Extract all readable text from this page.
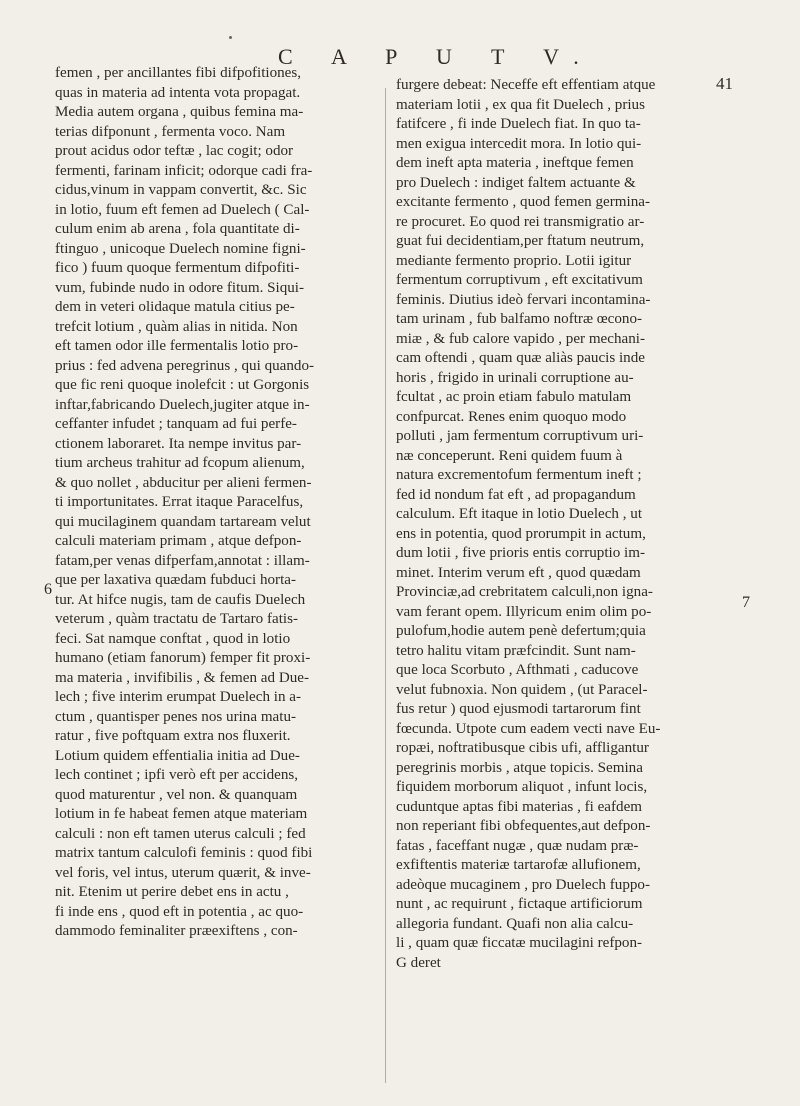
C A P U T V.
41
femen , per ancillantes fibi difpofitiones,
quas in materia ad intenta vota propagat.
Media autem organa , quibus femina ma-
terias difponunt , fermenta voco. Nam
prout acidus odor teftæ , lac cogit; odor
fermenti, farinam inficit; odorque cadi fra-
cidus,vinum in vappam convertit, &c. Sic
in lotio, fuum eft femen ad Duelech ( Cal-
culum enim ab arena , fola quantitate di-
ftinguo , unicoque Duelech nomine figni-
fico ) fuum quoque fermentum difpofiti-
vum, fubinde nudo in odore fitum. Siqui-
dem in veteri olidaque matula citius pe-
trefcit lotium , quàm alias in nitida. Non
eft tamen odor ille fermentalis lotio pro-
prius : fed advena peregrinus , qui quando-
que fic reni quoque inolefcit : ut Gorgonis
inftar,fabricando Duelech,jugiter atque in-
ceffanter infudet ; tanquam ad fui perfe-
ctionem laboraret. Ita nempe invitus par-
tium archeus trahitur ad fcopum alienum,
& quo nollet , abducitur per alieni fermen-
ti importunitates. Errat itaque Paracelfus,
qui mucilaginem quandam tartaream velut
calculi materiam primam , atque defpon-
fatam,per venas difperfam,annotat : illam-
que per laxativa quædam fubduci horta-
tur. At hifce nugis, tam de caufis Duelech
veterum , quàm tractatu de Tartaro fatis-
feci. Sat namque conftat , quod in lotio
humano (etiam fanorum) femper fit proxi-
ma materia , invifibilis , & femen ad Due-
lech ; five interim erumpat Duelech in a-
ctum , quantisper penes nos urina matu-
ratur , five poftquam extra nos fluxerit.
Lotium quidem effentialia initia ad Due-
lech continet ; ipfi verò eft per accidens,
quod maturentur , vel non. & quanquam
lotium in fe habeat femen atque materiam
calculi : non eft tamen uterus calculi ; fed
matrix tantum calculofi feminis : quod fibi
vel foris, vel intus, uterum quærit, & inve-
nit. Etenim ut perire debet ens in actu ,
fi inde ens , quod eft in potentia , ac quo-
dammodo feminaliter præexiftens , con-
furgere debeat: Neceffe eft effentiam atque
materiam lotii , ex qua fit Duelech , prius
fatifcere , fi inde Duelech fiat. In quo ta-
men exigua intercedit mora. In lotio qui-
dem ineft apta materia , ineftque femen
pro Duelech : indiget faltem actuante &
excitante fermento , quod femen germina-
re procuret. Eo quod rei transmigratio ar-
guat fui decidentiam,per ftatum neutrum,
mediante fermento proprio. Lotii igitur
fermentum corruptivum , eft excitativum
feminis. Diutius ideò fervari incontamina-
tam urinam , fub balfamo noftræ œcono-
miæ , & fub calore vapido , per mechani-
cam oftendi , quam quæ aliàs paucis inde
horis , frigido in urinali corruptione au-
fcultat , ac proin etiam fabulo matulam
confpurcat. Renes enim quoquo modo
polluti , jam fermentum corruptivum uri-
næ conceperunt. Reni quidem fuum à
natura excrementofum fermentum ineft ;
fed id nondum fat eft , ad propagandum
calculum. Eft itaque in lotio Duelech , ut
ens in potentia, quod prorumpit in actum,
dum lotii , five prioris entis corruptio im-
minet. Interim verum eft , quod quædam
Provinciæ,ad crebritatem calculi,non igna-
vam ferant opem. Illyricum enim olim po-
pulofum,hodie autem penè defertum;quia
tetro halitu vitam præfcindit. Sunt nam-
que loca Scorbuto , Afthmati , caducove
velut fubnoxia. Non quidem , (ut Paracel-
fus retur ) quod ejusmodi tartarorum fint
fœcunda. Utpote cum eadem vecti nave Eu-
ropæi, noftratibusque cibis ufi, affligantur
peregrinis morbis , atque topicis. Semina
fiquidem morborum aliquot , infunt locis,
cuduntque aptas fibi materias , fi eafdem
non reperiant fibi obfequentes,aut defpon-
fatas , faceffant nugæ , quæ nudam præ-
exfiftentis materiæ tartarofæ allufionem,
adeòque mucaginem , pro Duelech fuppo-
nunt , ac requirunt , fictaque artificiorum
allegoria fundant. Quafi non alia calcu-
li , quam quæ ficcatæ mucilagini refpon-
G deret
6
7
